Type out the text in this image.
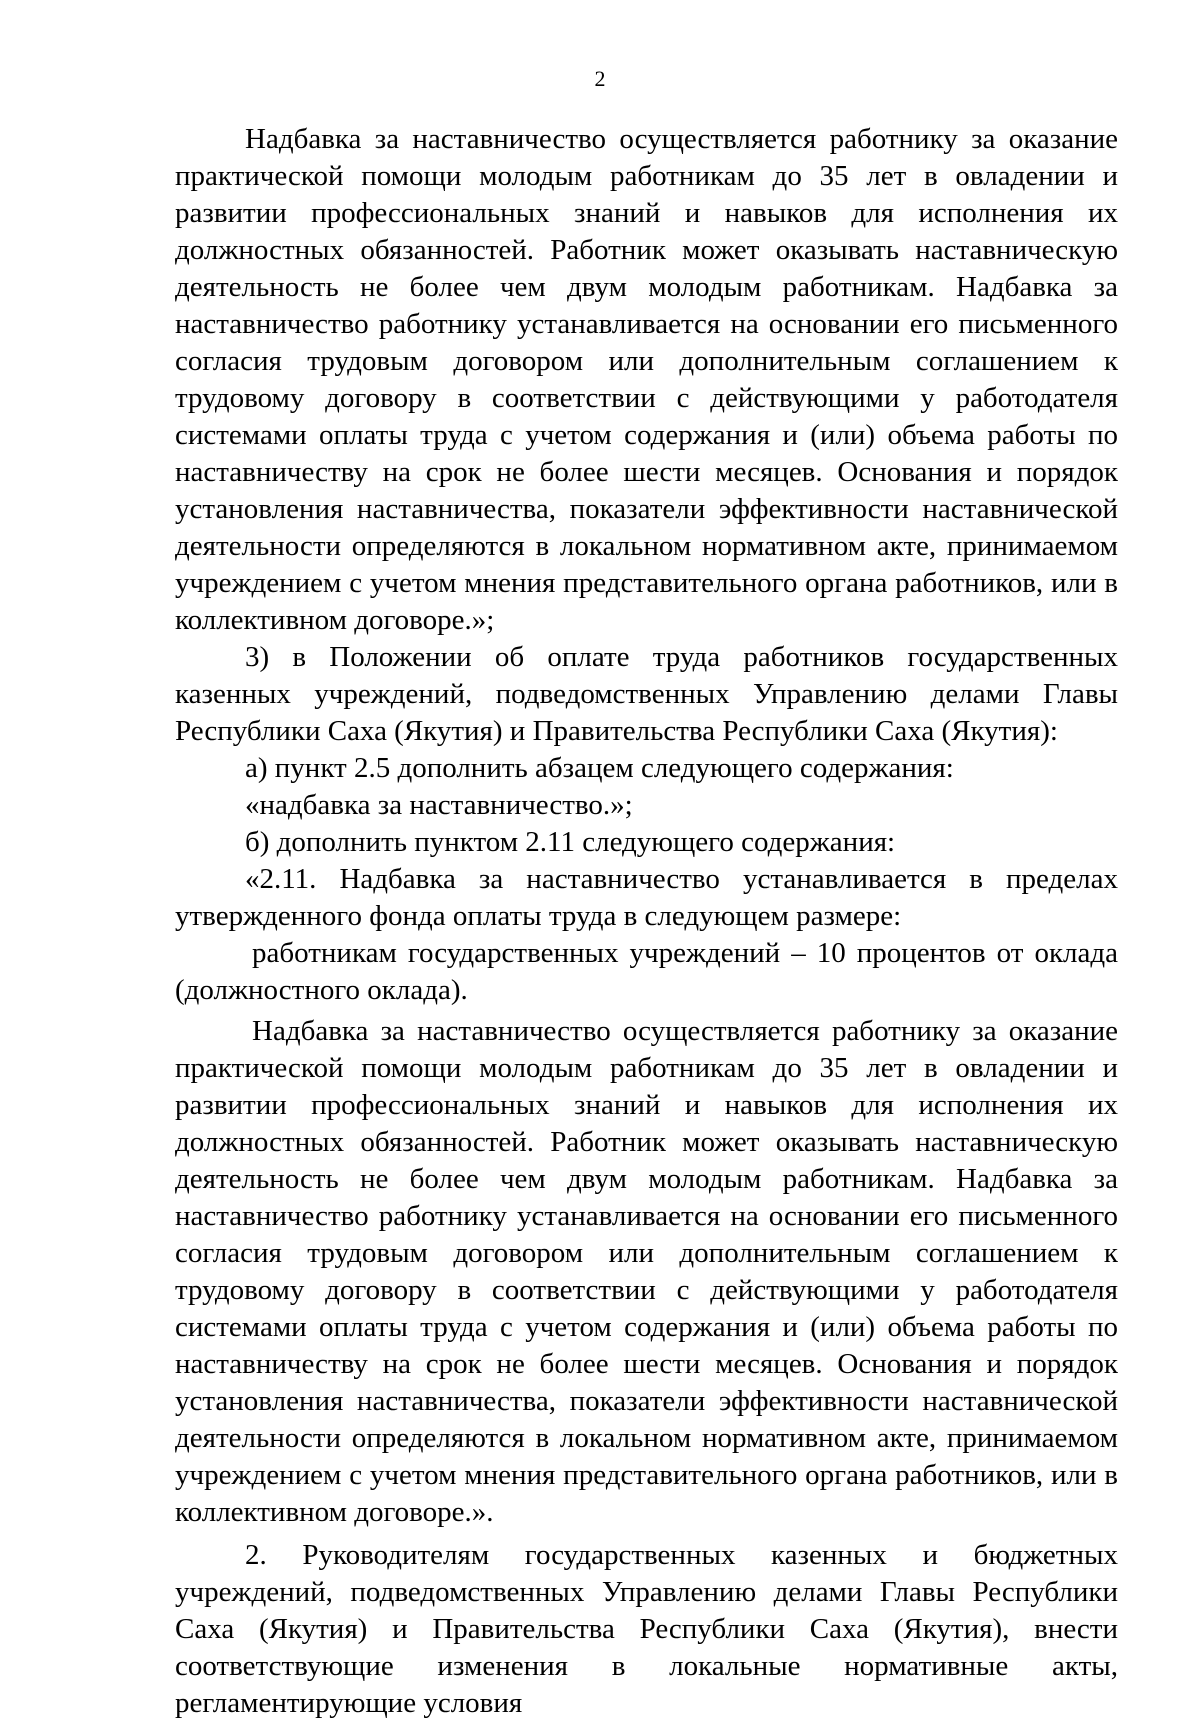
2

Надбавка за наставничество осуществляется работнику за оказание практической помощи молодым работникам до 35 лет в овладении и развитии профессиональных знаний и навыков для исполнения их должностных обязанностей. Работник может оказывать наставническую деятельность не более чем двум молодым работникам. Надбавка за наставничество работнику устанавливается на основании его письменного согласия трудовым договором или дополнительным соглашением к трудовому договору в соответствии с действующими у работодателя системами оплаты труда с учетом содержания и (или) объема работы по наставничеству на срок не более шести месяцев. Основания и порядок установления наставничества, показатели эффективности наставнической деятельности определяются в локальном нормативном акте, принимаемом учреждением с учетом мнения представительного органа работников, или в коллективном договоре.»;

3) в Положении об оплате труда работников государственных казенных учреждений, подведомственных Управлению делами Главы Республики Саха (Якутия) и Правительства Республики Саха (Якутия):

а) пункт 2.5 дополнить абзацем следующего содержания:

«надбавка за наставничество.»;

б) дополнить пунктом 2.11 следующего содержания:

«2.11. Надбавка за наставничество устанавливается в пределах утвержденного фонда оплаты труда в следующем размере:

работникам государственных учреждений – 10 процентов от оклада (должностного оклада).

Надбавка за наставничество осуществляется работнику за оказание практической помощи молодым работникам до 35 лет в овладении и развитии профессиональных знаний и навыков для исполнения их должностных обязанностей. Работник может оказывать наставническую деятельность не более чем двум молодым работникам. Надбавка за наставничество работнику устанавливается на основании его письменного согласия трудовым договором или дополнительным соглашением к трудовому договору в соответствии с действующими у работодателя системами оплаты труда с учетом содержания и (или) объема работы по наставничеству на срок не более шести месяцев. Основания и порядок установления наставничества, показатели эффективности наставнической деятельности определяются в локальном нормативном акте, принимаемом учреждением с учетом мнения представительного органа работников, или в коллективном договоре.».

2. Руководителям государственных казенных и бюджетных учреждений, подведомственных Управлению делами Главы Республики Саха (Якутия) и Правительства Республики Саха (Якутия), внести соответствующие изменения в локальные нормативные акты, регламентирующие условия
